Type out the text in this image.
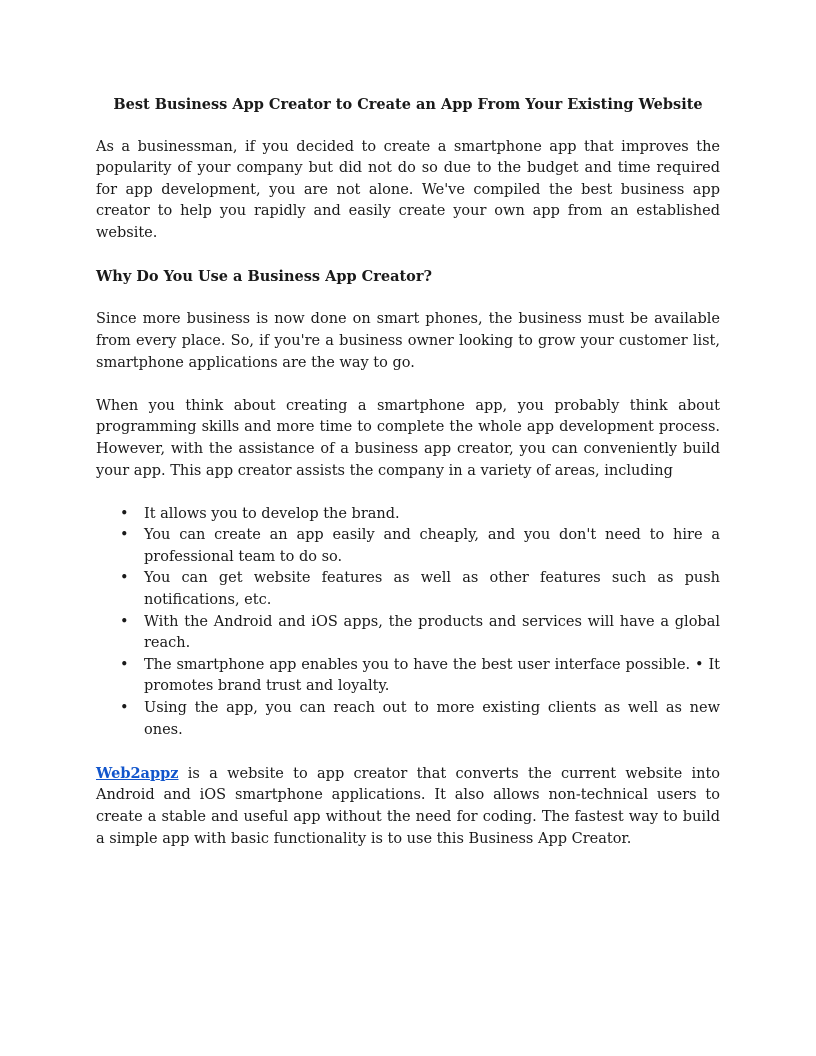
Best Business App Creator to Create an App From Your Existing Website

As a businessman, if you decided to create a smartphone app that improves the popularity of your company but did not do so due to the budget and time required for app development, you are not alone. We've compiled the best business app creator to help you rapidly and easily create your own app from an established website.

Why Do You Use a Business App Creator?

Since more business is now done on smart phones, the business must be available from every place. So, if you're a business owner looking to grow your customer list, smartphone applications are the way to go.

When you think about creating a smartphone app, you probably think about programming skills and more time to complete the whole app development process. However, with the assistance of a business app creator, you can conveniently build your app. This app creator assists the company in a variety of areas, including

• It allows you to develop the brand.
• You can create an app easily and cheaply, and you don't need to hire a professional team to do so.
• You can get website features as well as other features such as push notifications, etc.
• With the Android and iOS apps, the products and services will have a global reach.
• The smartphone app enables you to have the best user interface possible. • It promotes brand trust and loyalty.
• Using the app, you can reach out to more existing clients as well as new ones.

Web2appz is a website to app creator that converts the current website into Android and iOS smartphone applications. It also allows non-technical users to create a stable and useful app without the need for coding. The fastest way to build a simple app with basic functionality is to use this Business App Creator.
